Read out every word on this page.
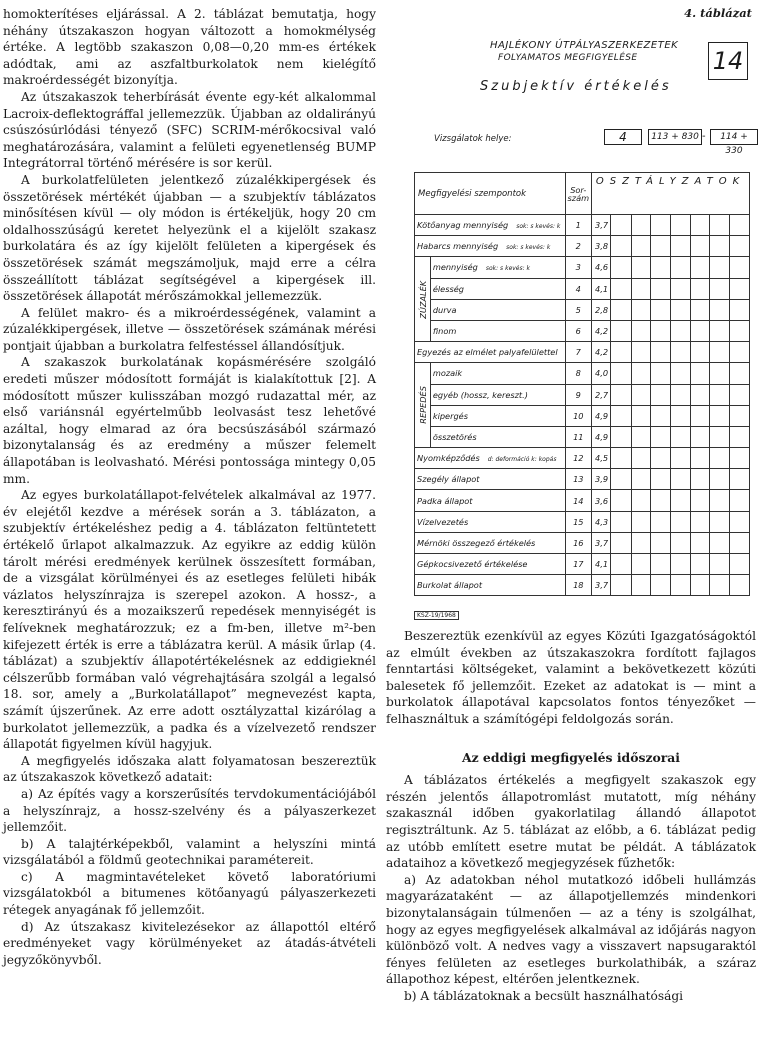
homokterítéses eljárással. A 2. táblázat bemutatja, hogy néhány útszakaszon hogyan változott a homokmélység értéke. A legtöbb szakaszon 0,08—0,20 mm-es értékek adódtak, ami az aszfaltburkolatok nem kielégítő makroérdességét bizonyítja.

Az útszakaszok teherbírását évente egy-két alkalommal Lacroix-deflektográffal jellemezzük. Újabban az oldalirányú csúszósúrlódási tényező (SFC) SCRIM-mérőkocsival való meghatározására, valamint a felületi egyenetlenség BUMP Integrátorral történő mérésére is sor kerül.

A burkolatfelületen jelentkező zúzalékkipergések és összetörések mértékét újabban — a szubjektív táblázatos minősítésen kívül — oly módon is értékeljük, hogy 20 cm oldalhosszúságú keretet helyezünk el a kijelölt szakasz burkolatára és az így kijelölt felületen a kipergések és összetörések számát megszámoljuk, majd erre a célra összeállított táblázat segítségével a kipergések ill. összetörések állapotát mérőszámokkal jellemezzük.

A felület makro- és a mikroérdességének, valamint a zúzalékkipergések, illetve — összetörések számának mérési pontjait újabban a burkolatra felfestéssel állandósítjuk.

A szakaszok burkolatának kopásmérésére szolgáló eredeti műszer módosított formáját is kialakítottuk [2]. A módosított műszer kulisszában mozgó rudazattal mér, az első variánsnál egyértelműbb leolvasást tesz lehetővé azáltal, hogy elmarad az óra becsúszásából származó bizonytalanság és az eredmény a műszer felemelt állapotában is leolvasható. Mérési pontossága mintegy 0,05 mm.

Az egyes burkolatállapot-felvételek alkalmával az 1977. év elejétől kezdve a mérések során a 3. táblázaton, a szubjektív értékeléshez pedig a 4. táblázaton feltüntetett értékelő űrlapot alkalmazzuk. Az egyikre az eddig külön tárolt mérési eredmények kerülnek összesített formában, de a vizsgálat körülményei és az esetleges felületi hibák vázlatos helyszínrajza is szerepel azokon. A hossz-, a keresztirányú és a mozaikszerű repedések mennyiségét is felíveknek meghatározzuk; ez a fm-ben, illetve m²-ben kifejezett érték is erre a táblázatra kerül. A másik űrlap (4. táblázat) a szubjektív állapotértékelésnek az eddigieknél célszerűbb formában való végrehajtására szolgál a legalsó 18. sor, amely a „Burkolatállapot” megnevezést kapta, számít újszerűnek. Az erre adott osztályzattal kizárólag a burkolatot jellemezzük, a padka és a vízelvezető rendszer állapotát figyelmen kívül hagyjuk.

A megfigyelés időszaka alatt folyamatosan beszereztük az útszakaszok következő adatait:

a) Az építés vagy a korszerűsítés tervdokumentációjából a helyszínrajz, a hossz-szelvény és a pályaszerkezet jellemzőit.

b) A talajtérképekből, valamint a helyszíni mintá vizsgálatából a földmű geotechnikai paramétereit.

c) A magmintavételeket követő laboratóriumi vizsgálatokból a bitumenes kötőanyagú pályaszerkezeti rétegek anyagának fő jellemzőit.

d) Az útszakasz kivitelezésekor az állapottól eltérő eredményeket vagy körülményeket az átadás-átvételi jegyzőkönyvből.

4. táblázat
HAJLÉKONY ÚTPÁLYASZERKEZETEK
FOLYAMATOS MEGFIGYELÉSE	14
Szubjektív értékelés
Vizsgálatok helye:	4	113 + 830 -	114 + 330
Megfigyelési szempontok		Sor-szám	OSZTÁLYZATOK							
Kötőanyag mennyiség sok: s kevés: k		1	3,7							
Habarcs mennyiség sok: s kevés: k		2	3,8							
ZÚZALÉK	mennyiség sok: s kevés: k	3	4,6							
	élesség	4	4,1							
	durva	5	2,8							
	finom	6	4,2							
Egyezés az elmélet palyafelülettel		7	4,2							
REPEDÉS	mozaik	8	4,0							
	egyéb (hossz, kereszt.)	9	2,7							
	kipergés	10	4,9							
	összetörés	11	4,9							
Nyomképződés d: deformáció k: kopás		12	4,5							
Szegély állapot		13	3,9							
Padka állapot		14	3,6							
Vízelvezetés		15	4,3							
Mérnöki összegező értékelés		16	3,7							
Gépkocsivezető értékelése		17	4,1							
Burkolat állapot		18	3,7							
KSZ-19/1968

Beszereztük ezenkívül az egyes Közúti Igazgatóságoktól az elmúlt években az útszakaszokra fordított fajlagos fenntartási költségeket, valamint a bekövetkezett közúti balesetek fő jellemzőit. Ezeket az adatokat is — mint a burkolatok állapotával kapcsolatos fontos tényezőket — felhasználtuk a számítógépi feldolgozás során.

Az eddigi megfigyelés időszorai

A táblázatos értékelés a megfigyelt szakaszok egy részén jelentős állapotromlást mutatott, míg néhány szakasznál időben gyakorlatilag állandó állapotot regisztráltunk. Az 5. táblázat az előbb, a 6. táblázat pedig az utóbb említett esetre mutat be példát. A táblázatok adataihoz a következő megjegyzések fűzhetők:

a) Az adatokban néhol mutatkozó időbeli hullámzás magyarázataként — az állapotjellemzés mindenkori bizonytalanságain túlmenően — az a tény is szolgálhat, hogy az egyes megfigyelések alkalmával az időjárás nagyon különböző volt. A nedves vagy a visszavert napsugaraktól fényes felületen az esetleges burkolathibák, a száraz állapothoz képest, eltérően jelentkeznek.

b) A táblázatoknak a becsült használhatósági
